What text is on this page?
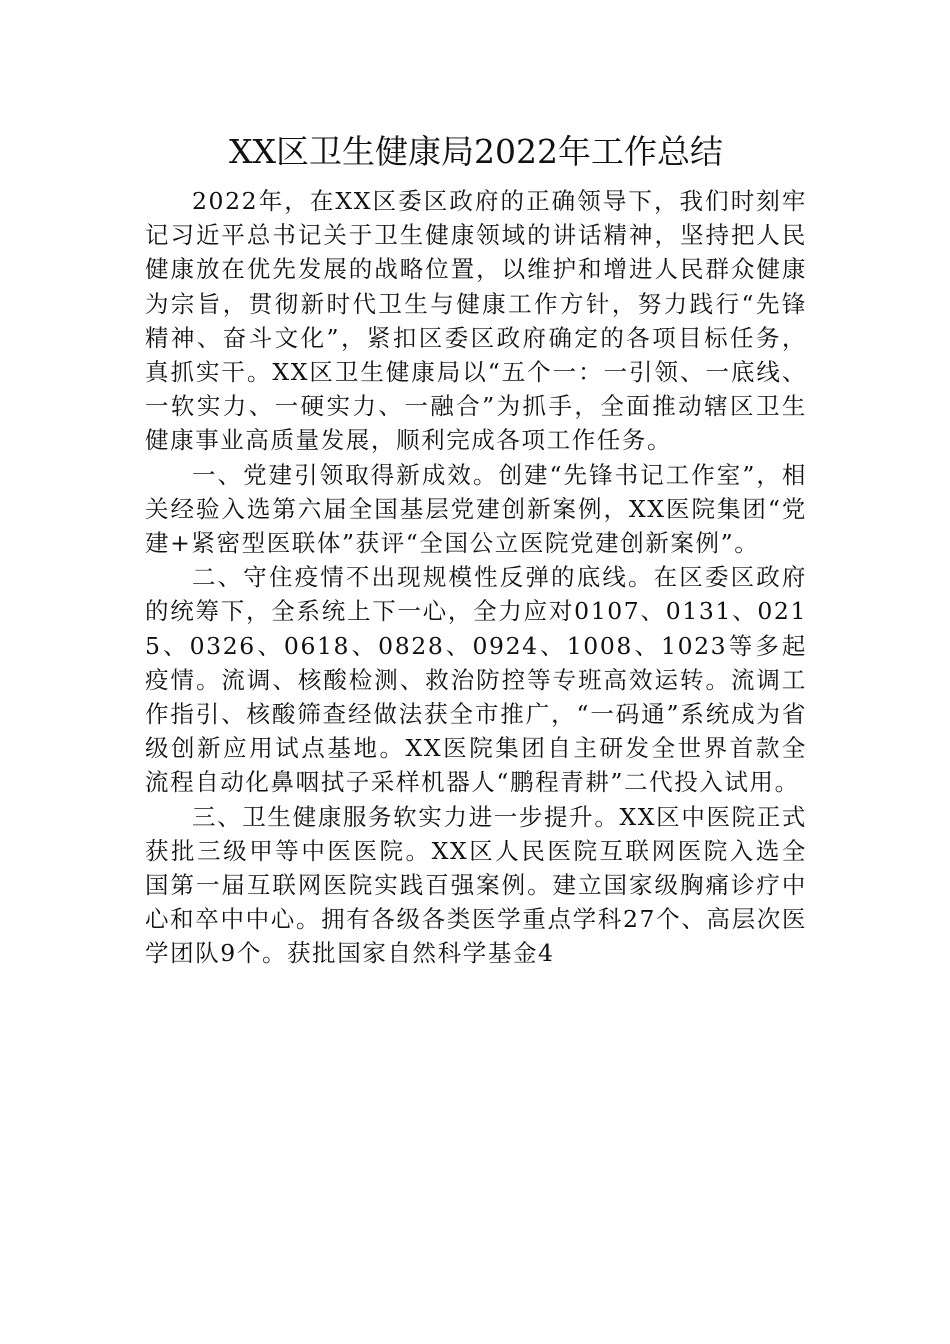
XX区卫生健康局2022年工作总结

2022年，在XX区委区政府的正确领导下，我们时刻牢记习近平总书记关于卫生健康领域的讲话精神，坚持把人民健康放在优先发展的战略位置，以维护和增进人民群众健康为宗旨，贯彻新时代卫生与健康工作方针，努力践行“先锋精神、奋斗文化”，紧扣区委区政府确定的各项目标任务，真抓实干。XX区卫生健康局以“五个一：一引领、一底线、一软实力、一硬实力、一融合”为抓手，全面推动辖区卫生健康事业高质量发展，顺利完成各项工作任务。

一、党建引领取得新成效。创建“先锋书记工作室”，相关经验入选第六届全国基层党建创新案例，XX医院集团“党建+紧密型医联体”获评“全国公立医院党建创新案例”。

二、守住疫情不出现规模性反弹的底线。在区委区政府的统筹下，全系统上下一心，全力应对0107、0131、0215、0326、0618、0828、0924、1008、1023等多起疫情。流调、核酸检测、救治防控等专班高效运转。流调工作指引、核酸筛查经做法获全市推广，“一码通”系统成为省级创新应用试点基地。XX医院集团自主研发全世界首款全流程自动化鼻咽拭子采样机器人“鹏程青耕”二代投入试用。

三、卫生健康服务软实力进一步提升。XX区中医院正式获批三级甲等中医医院。XX区人民医院互联网医院入选全国第一届互联网医院实践百强案例。建立国家级胸痛诊疗中心和卒中中心。拥有各级各类医学重点学科27个、高层次医学团队9个。获批国家自然科学基金4
